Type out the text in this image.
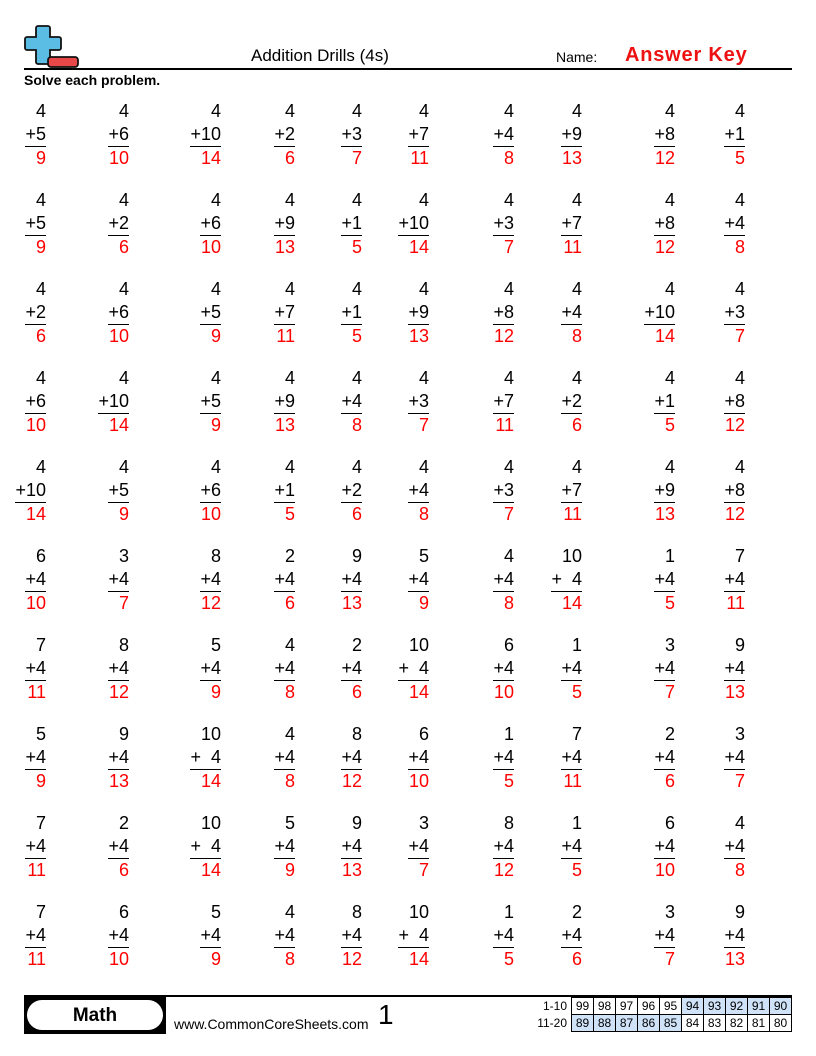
Addition Drills (4s)	Name: Answer Key
Solve each problem.
4
+5
9
4
+6
10
4
+10
14
4
+2
6
4
+3
7
4
+7
11
4
+4
8
4
+9
13
4
+8
12
4
+1
5
4
+5
9
4
+2
6
4
+6
10
4
+9
13
4
+1
5
4
+10
14
4
+3
7
4
+7
11
4
+8
12
4
+4
8
4
+2
6
4
+6
10
4
+5
9
4
+7
11
4
+1
5
4
+9
13
4
+8
12
4
+4
8
4
+10
14
4
+3
7
4
+6
10
4
+10
14
4
+5
9
4
+9
13
4
+4
8
4
+3
7
4
+7
11
4
+2
6
4
+1
5
4
+8
12
4
+10
14
4
+5
9
4
+6
10
4
+1
5
4
+2
6
4
+4
8
4
+3
7
4
+7
11
4
+9
13
4
+8
12
6
+4
10
3
+4
7
8
+4
12
2
+4
6
9
+4
13
5
+4
9
4
+4
8
10
+  4
14
1
+4
5
7
+4
11
7
+4
11
8
+4
12
5
+4
9
4
+4
8
2
+4
6
10
+  4
14
6
+4
10
1
+4
5
3
+4
7
9
+4
13
5
+4
9
9
+4
13
10
+  4
14
4
+4
8
8
+4
12
6
+4
10
1
+4
5
7
+4
11
2
+4
6
3
+4
7
7
+4
11
2
+4
6
10
+  4
14
5
+4
9
9
+4
13
3
+4
7
8
+4
12
1
+4
5
6
+4
10
4
+4
8
7
+4
11
6
+4
10
5
+4
9
4
+4
8
8
+4
12
10
+  4
14
1
+4
5
2
+4
6
3
+4
7
9
+4
13
Math	www.CommonCoreSheets.com 1	1-10	99	98	97	96	95	94	93	92	91	90
11-20	89	88	87	86	85	84	83	82	81	80
